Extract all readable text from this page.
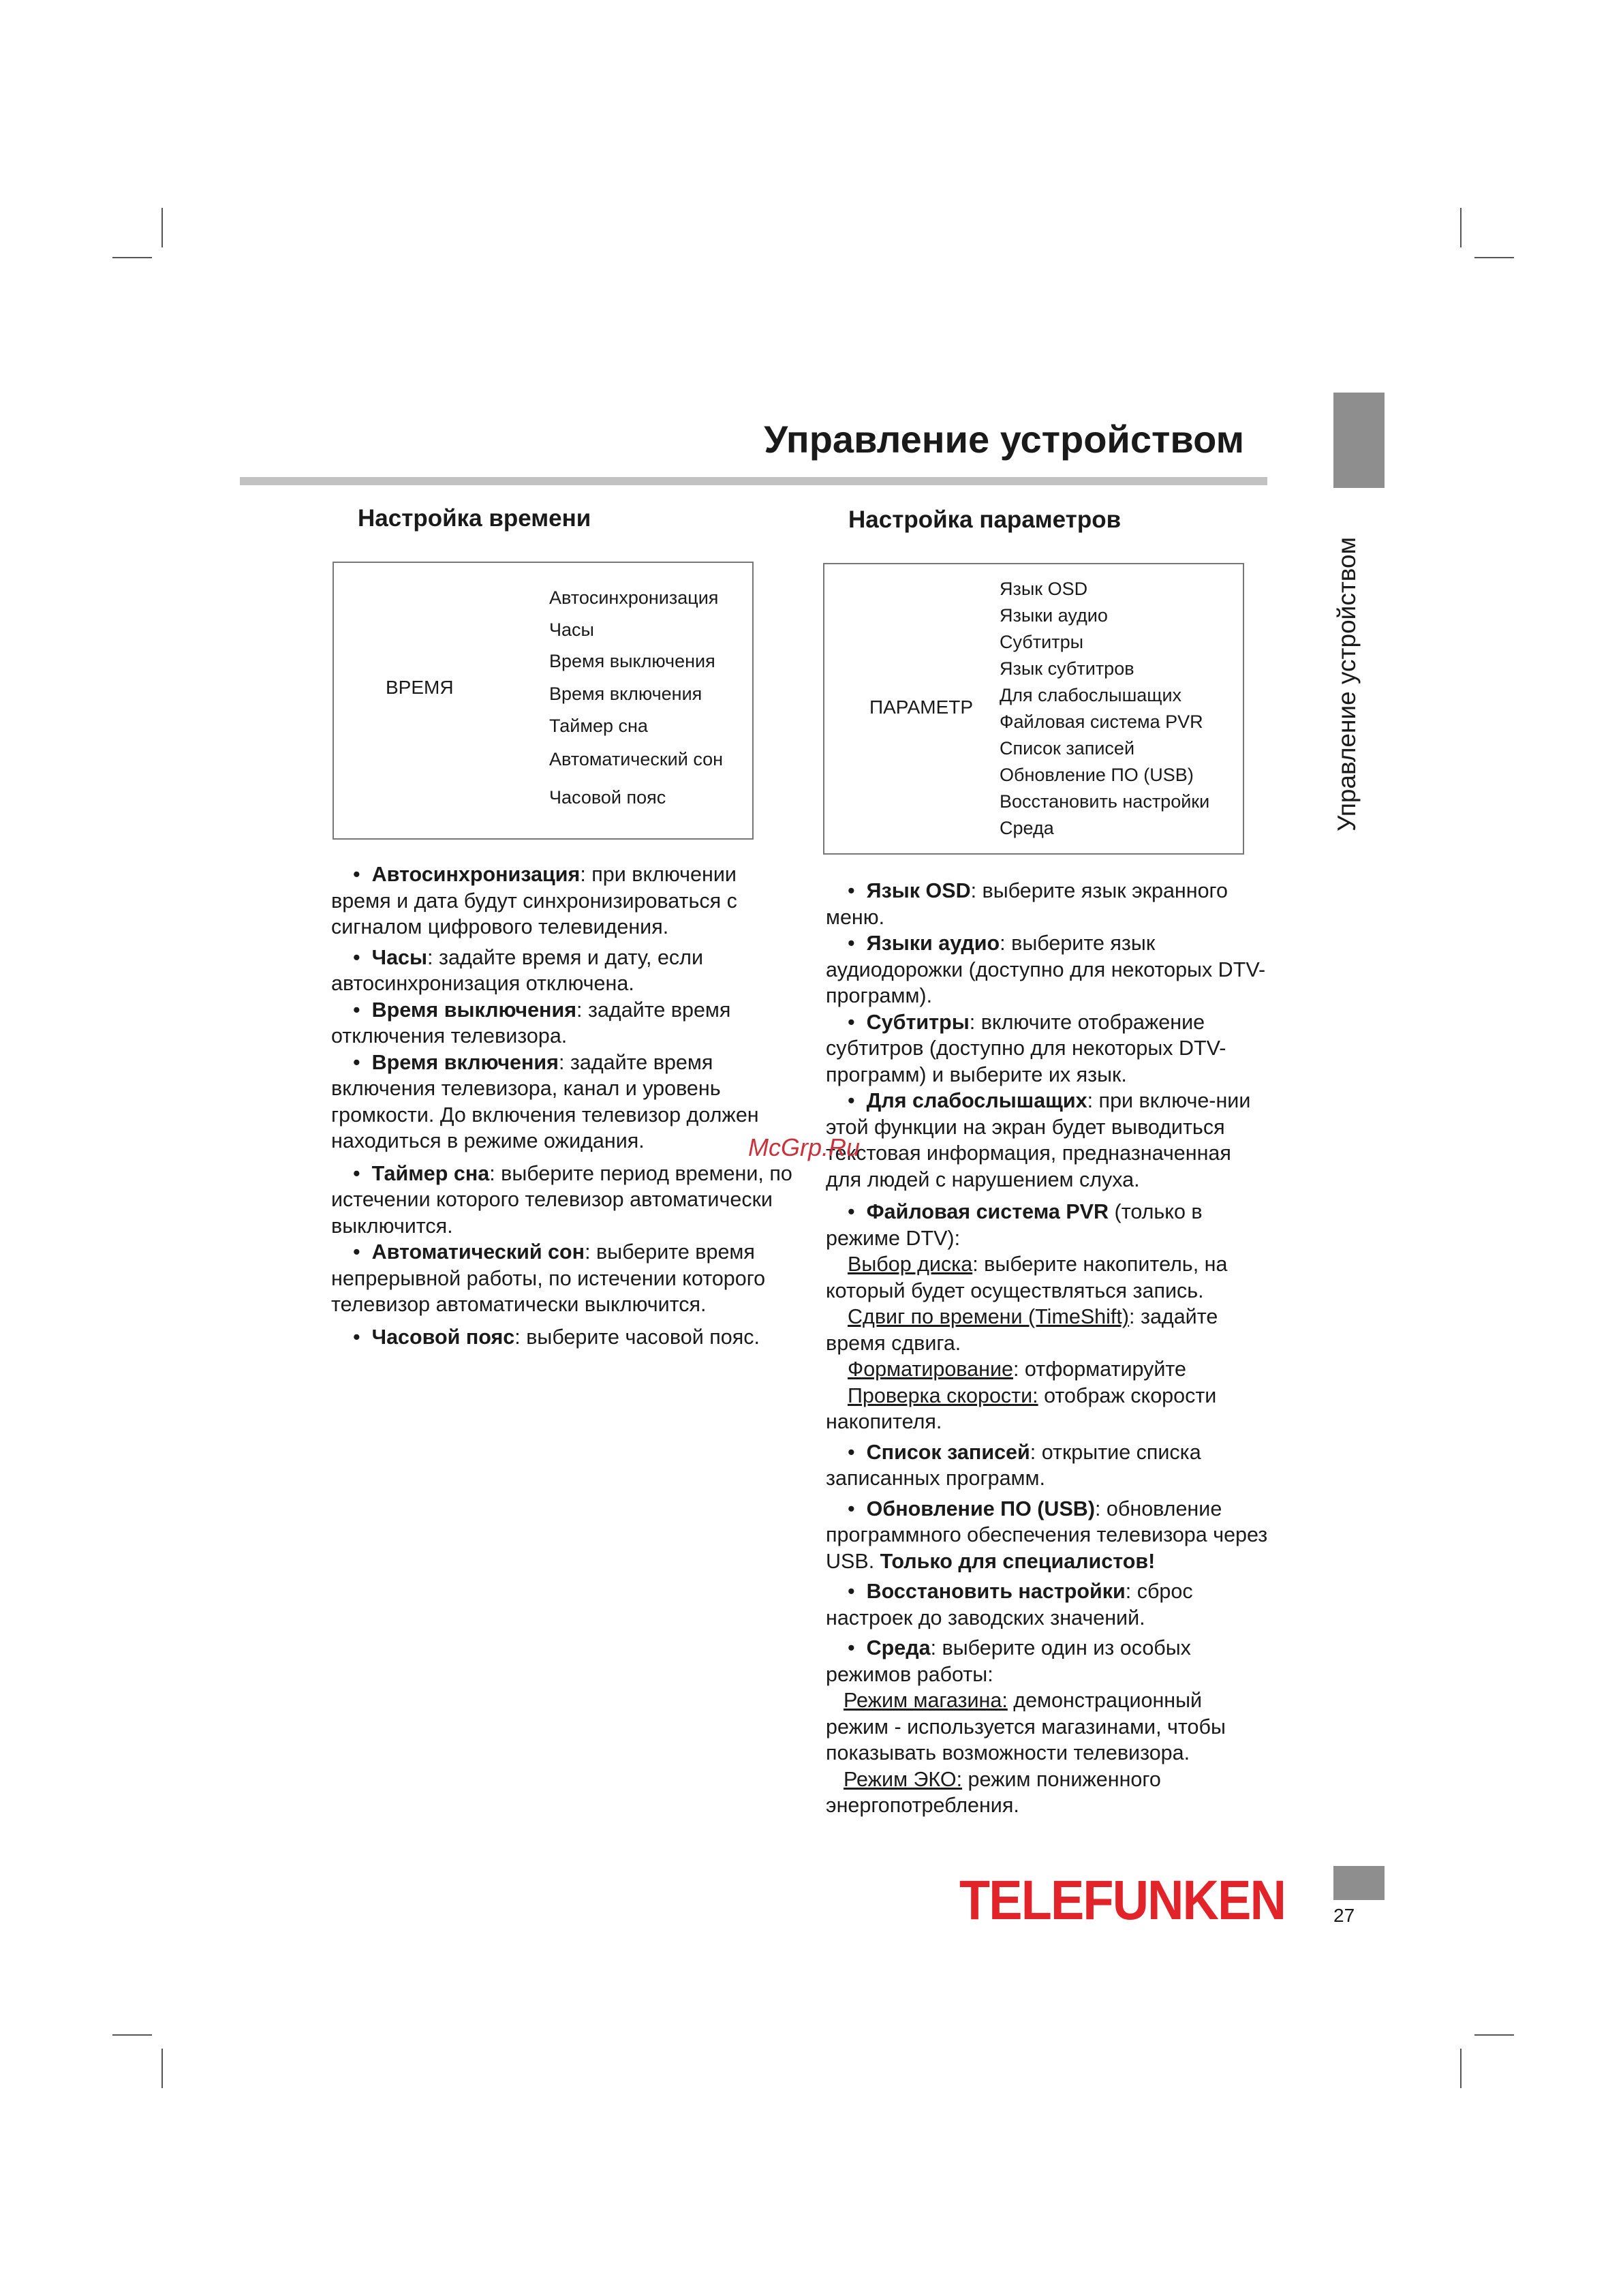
Управление устройством
Управление устройством
Настройка времени
ВРЕМЯ
Автосинхронизация
Часы
Время выключения
Время включения
Таймер сна
Автоматический сон
Часовой пояс

•  Автосинхронизация: при включении время и дата будут синхронизироваться с сигналом цифрового телевидения.

•  Часы: задайте время и дату, если автосинхронизация отключена.

•  Время выключения: задайте время отключения телевизора.

•  Время включения: задайте время включения телевизора, канал и уровень громкости. До включения телевизор должен находиться в режиме ожидания.

•  Таймер сна: выберите период времени, по истечении которого телевизор автоматически выключится.

•  Автоматический сон: выберите время непрерывной работы, по истечении которого телевизор автоматически выключится.

•  Часовой пояс: выберите часовой пояс.

Настройка параметров
ПАРАМЕТР
Язык OSD
Языки аудио
Субтитры
Язык субтитров
Для слабослышащих
Файловая система PVR
Список записей
Обновление ПО (USB)
Восстановить настройки
Среда

•  Язык OSD: выберите язык экранного меню.

•  Языки аудио: выберите язык аудиодорожки (доступно для некоторых DTV-программ).

•  Субтитры: включите отображение субтитров (доступно для некоторых DTV-программ) и выберите их язык.

•  Для слабослышащих: при включе-нии этой функции на экран будет выводиться текстовая информация, предназначенная для людей с нарушением слуха.

•  Файловая система PVR (только в режиме DTV):

Выбор диска: выберите накопитель, на который будет осуществляться запись.

Сдвиг по времени (TimeShift): задайте время сдвига.

Форматирование: отформатируйте

Проверка скорости: отображ скорости накопителя.

•  Список записей: открытие списка записанных программ.

•  Обновление ПО (USB): обновление программного обеспечения телевизора через USB. Только для специалистов!

•  Восстановить настройки: сброс настроек до заводских значений.

•  Среда: выберите один из особых режимов работы:

Режим магазина: демонстрационный режим - используется магазинами, чтобы показывать возможности телевизора.

Режим ЭКО: режим пониженного энергопотребления.

McGrp.Ru
TELEFUNKEN	27
